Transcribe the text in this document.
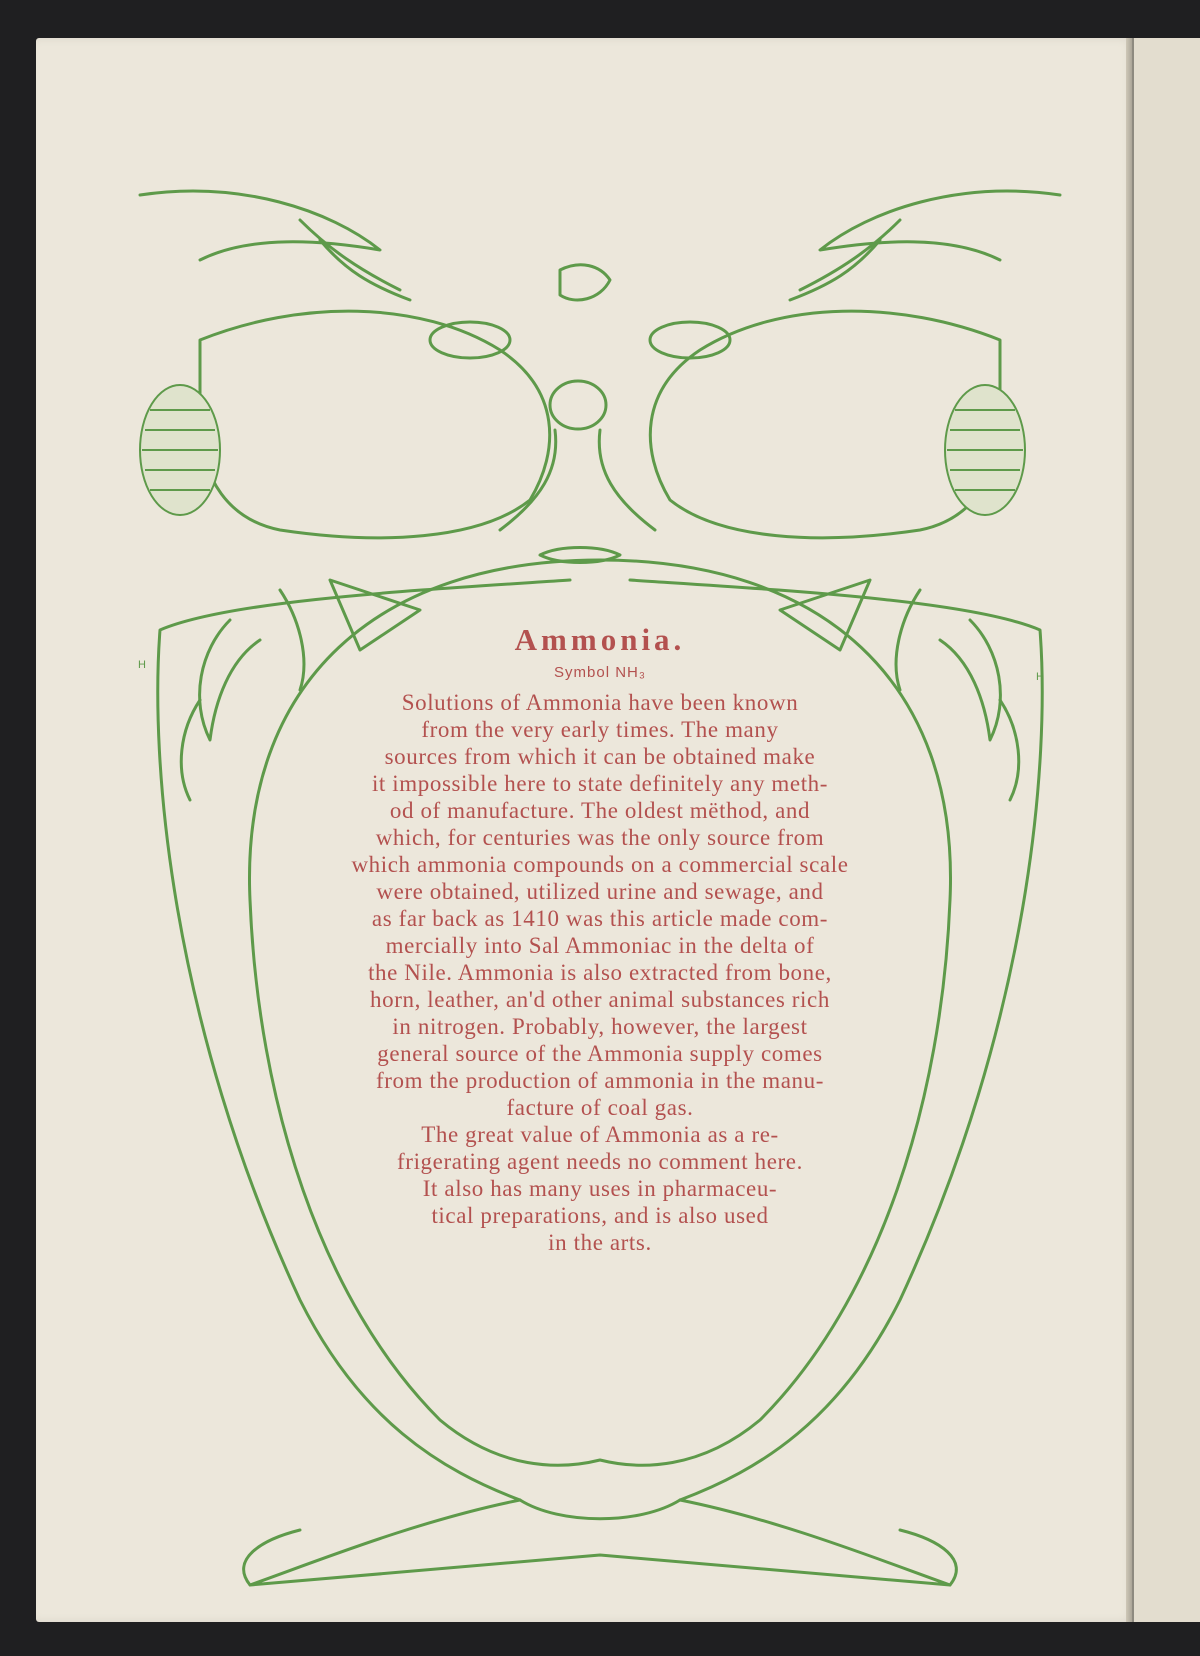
H
H
Ammonia.
Symbol NH₃

Solutions of Ammonia have been known
from the very early times. The many
sources from which it can be obtained make
it impossible here to state definitely any meth-
od of manufacture. The oldest mëthod, and
which, for centuries was the only source from
which ammonia compounds on a commercial scale
were obtained, utilized urine and sewage, and
as far back as 1410 was this article made com-
mercially into Sal Ammoniac in the delta of
the Nile. Ammonia is also extracted from bone,
horn, leather, an'd other animal substances rich
in nitrogen. Probably, however, the largest
general source of the Ammonia supply comes
from the production of ammonia in the manu-
facture of coal gas.

The great value of Ammonia as a re-
frigerating agent needs no comment here.
It also has many uses in pharmaceu-
tical preparations, and is also used
in the arts.
